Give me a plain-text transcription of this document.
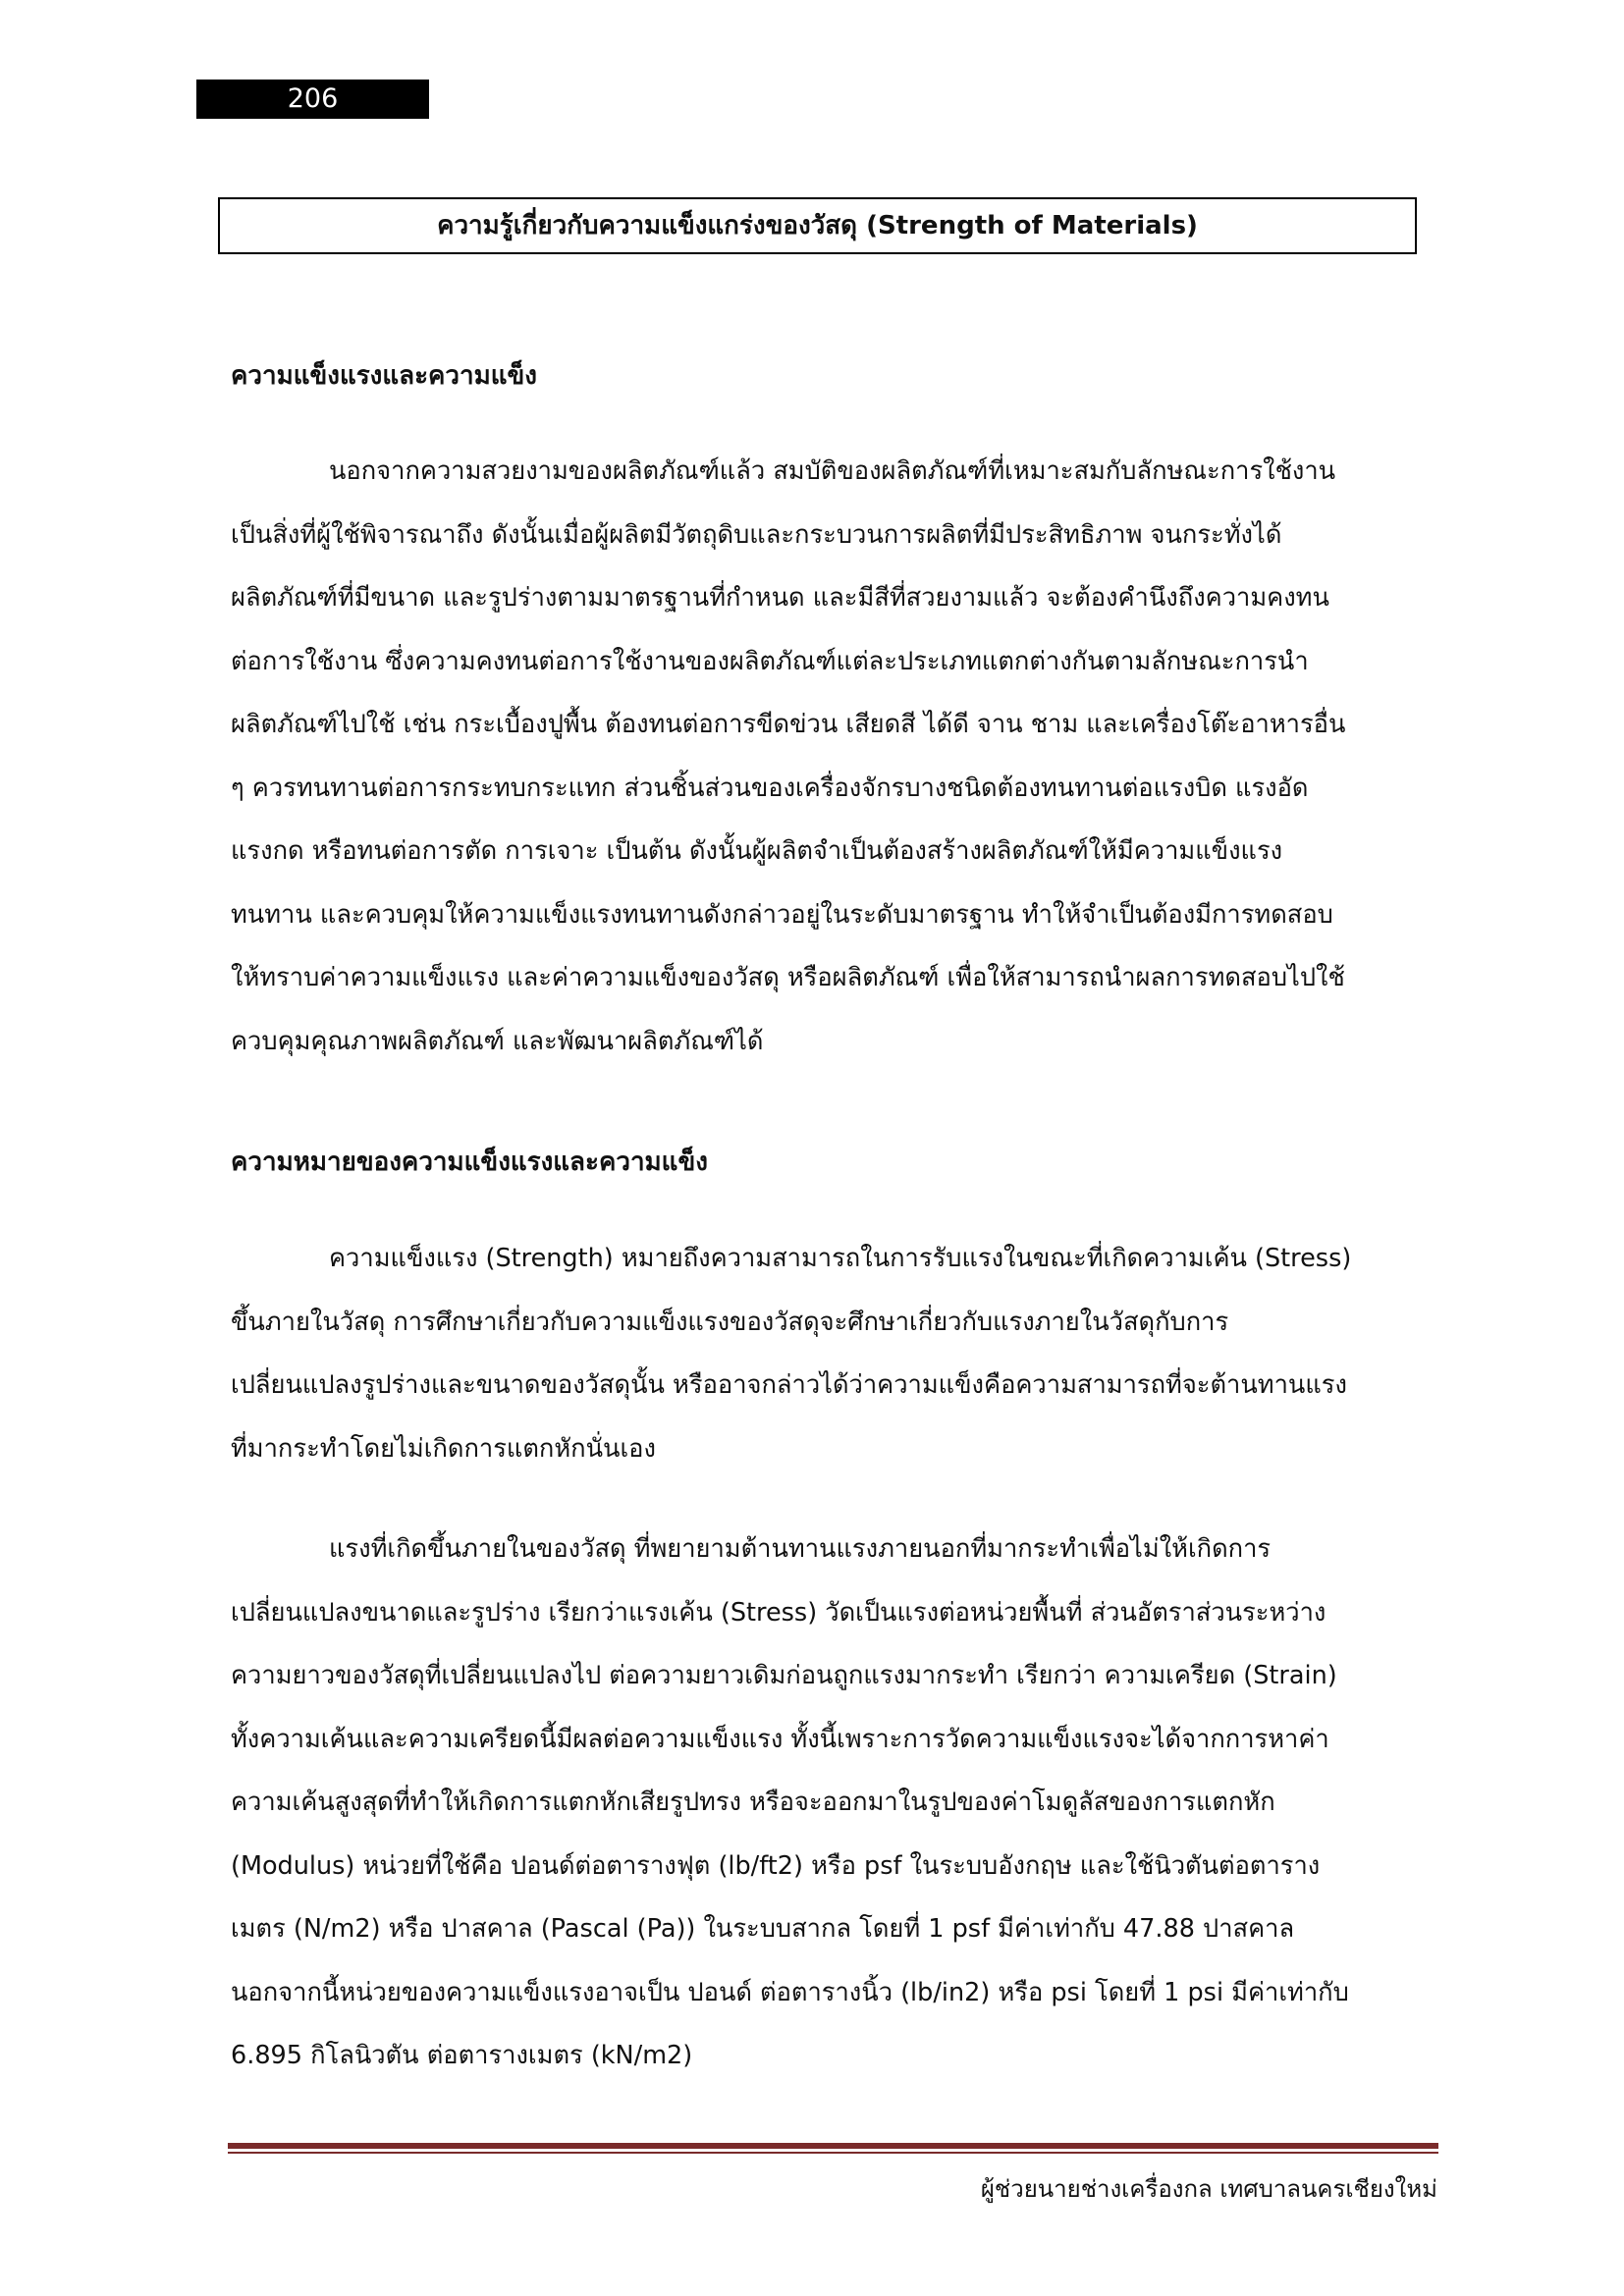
206
ความรู้เกี่ยวกับความแข็งแกร่งของวัสดุ (Strength of Materials)
ความแข็งแรงและความแข็ง
นอกจากความสวยงามของผลิตภัณฑ์แล้ว สมบัติของผลิตภัณฑ์ที่เหมาะสมกับลักษณะการใช้งาน
เป็นสิ่งที่ผู้ใช้พิจารณาถึง ดังนั้นเมื่อผู้ผลิตมีวัตถุดิบและกระบวนการผลิตที่มีประสิทธิภาพ จนกระทั่งได้
ผลิตภัณฑ์ที่มีขนาด และรูปร่างตามมาตรฐานที่กำหนด และมีสีที่สวยงามแล้ว จะต้องคำนึงถึงความคงทน
ต่อการใช้งาน ซึ่งความคงทนต่อการใช้งานของผลิตภัณฑ์แต่ละประเภทแตกต่างกันตามลักษณะการนำ
ผลิตภัณฑ์ไปใช้ เช่น กระเบื้องปูพื้น ต้องทนต่อการขีดข่วน เสียดสี ได้ดี จาน ชาม และเครื่องโต๊ะอาหารอื่น
ๆ ควรทนทานต่อการกระทบกระแทก ส่วนชิ้นส่วนของเครื่องจักรบางชนิดต้องทนทานต่อแรงบิด แรงอัด
แรงกด หรือทนต่อการตัด การเจาะ เป็นต้น ดังนั้นผู้ผลิตจำเป็นต้องสร้างผลิตภัณฑ์ให้มีความแข็งแรง
ทนทาน และควบคุมให้ความแข็งแรงทนทานดังกล่าวอยู่ในระดับมาตรฐาน ทำให้จำเป็นต้องมีการทดสอบ
ให้ทราบค่าความแข็งแรง และค่าความแข็งของวัสดุ หรือผลิตภัณฑ์ เพื่อให้สามารถนำผลการทดสอบไปใช้
ควบคุมคุณภาพผลิตภัณฑ์ และพัฒนาผลิตภัณฑ์ได้
ความหมายของความแข็งแรงและความแข็ง
ความแข็งแรง (Strength) หมายถึงความสามารถในการรับแรงในขณะที่เกิดความเค้น (Stress)
ขึ้นภายในวัสดุ การศึกษาเกี่ยวกับความแข็งแรงของวัสดุจะศึกษาเกี่ยวกับแรงภายในวัสดุกับการ
เปลี่ยนแปลงรูปร่างและขนาดของวัสดุนั้น หรืออาจกล่าวได้ว่าความแข็งคือความสามารถที่จะต้านทานแรง
ที่มากระทำโดยไม่เกิดการแตกหักนั่นเอง
แรงที่เกิดขึ้นภายในของวัสดุ ที่พยายามต้านทานแรงภายนอกที่มากระทำเพื่อไม่ให้เกิดการ
เปลี่ยนแปลงขนาดและรูปร่าง เรียกว่าแรงเค้น (Stress) วัดเป็นแรงต่อหน่วยพื้นที่ ส่วนอัตราส่วนระหว่าง
ความยาวของวัสดุที่เปลี่ยนแปลงไป ต่อความยาวเดิมก่อนถูกแรงมากระทำ เรียกว่า ความเครียด (Strain)
ทั้งความเค้นและความเครียดนี้มีผลต่อความแข็งแรง ทั้งนี้เพราะการวัดความแข็งแรงจะได้จากการหาค่า
ความเค้นสูงสุดที่ทำให้เกิดการแตกหักเสียรูปทรง หรือจะออกมาในรูปของค่าโมดูลัสของการแตกหัก
(Modulus) หน่วยที่ใช้คือ ปอนด์ต่อตารางฟุต (lb/ft2) หรือ psf ในระบบอังกฤษ และใช้นิวตันต่อตาราง
เมตร (N/m2) หรือ ปาสคาล (Pascal (Pa)) ในระบบสากล โดยที่ 1 psf มีค่าเท่ากับ 47.88 ปาสคาล
นอกจากนี้หน่วยของความแข็งแรงอาจเป็น ปอนด์ ต่อตารางนิ้ว (lb/in2) หรือ psi โดยที่ 1 psi มีค่าเท่ากับ
6.895 กิโลนิวตัน ต่อตารางเมตร (kN/m2)
ผู้ช่วยนายช่างเครื่องกล เทศบาลนครเชียงใหม่
